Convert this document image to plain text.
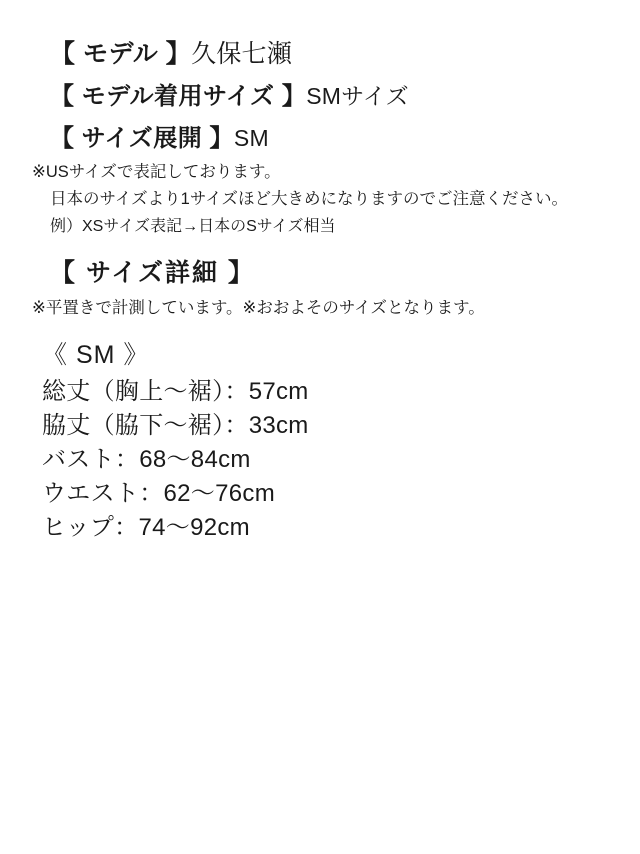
【 モデル 】久保七瀬
【 モデル着用サイズ 】SMサイズ
【 サイズ展開 】SM
※USサイズで表記しております。
日本のサイズより1サイズほど大きめになりますのでご注意ください。
例）XSサイズ表記→日本のSサイズ相当
【 サイズ詳細 】
※平置きで計測しています。※おおよそのサイズとなります。
《 SM 》
総丈（胸上〜裾）：57cm
脇丈（脇下〜裾）：33cm
バスト：68〜84cm
ウエスト：62〜76cm
ヒップ：74〜92cm
